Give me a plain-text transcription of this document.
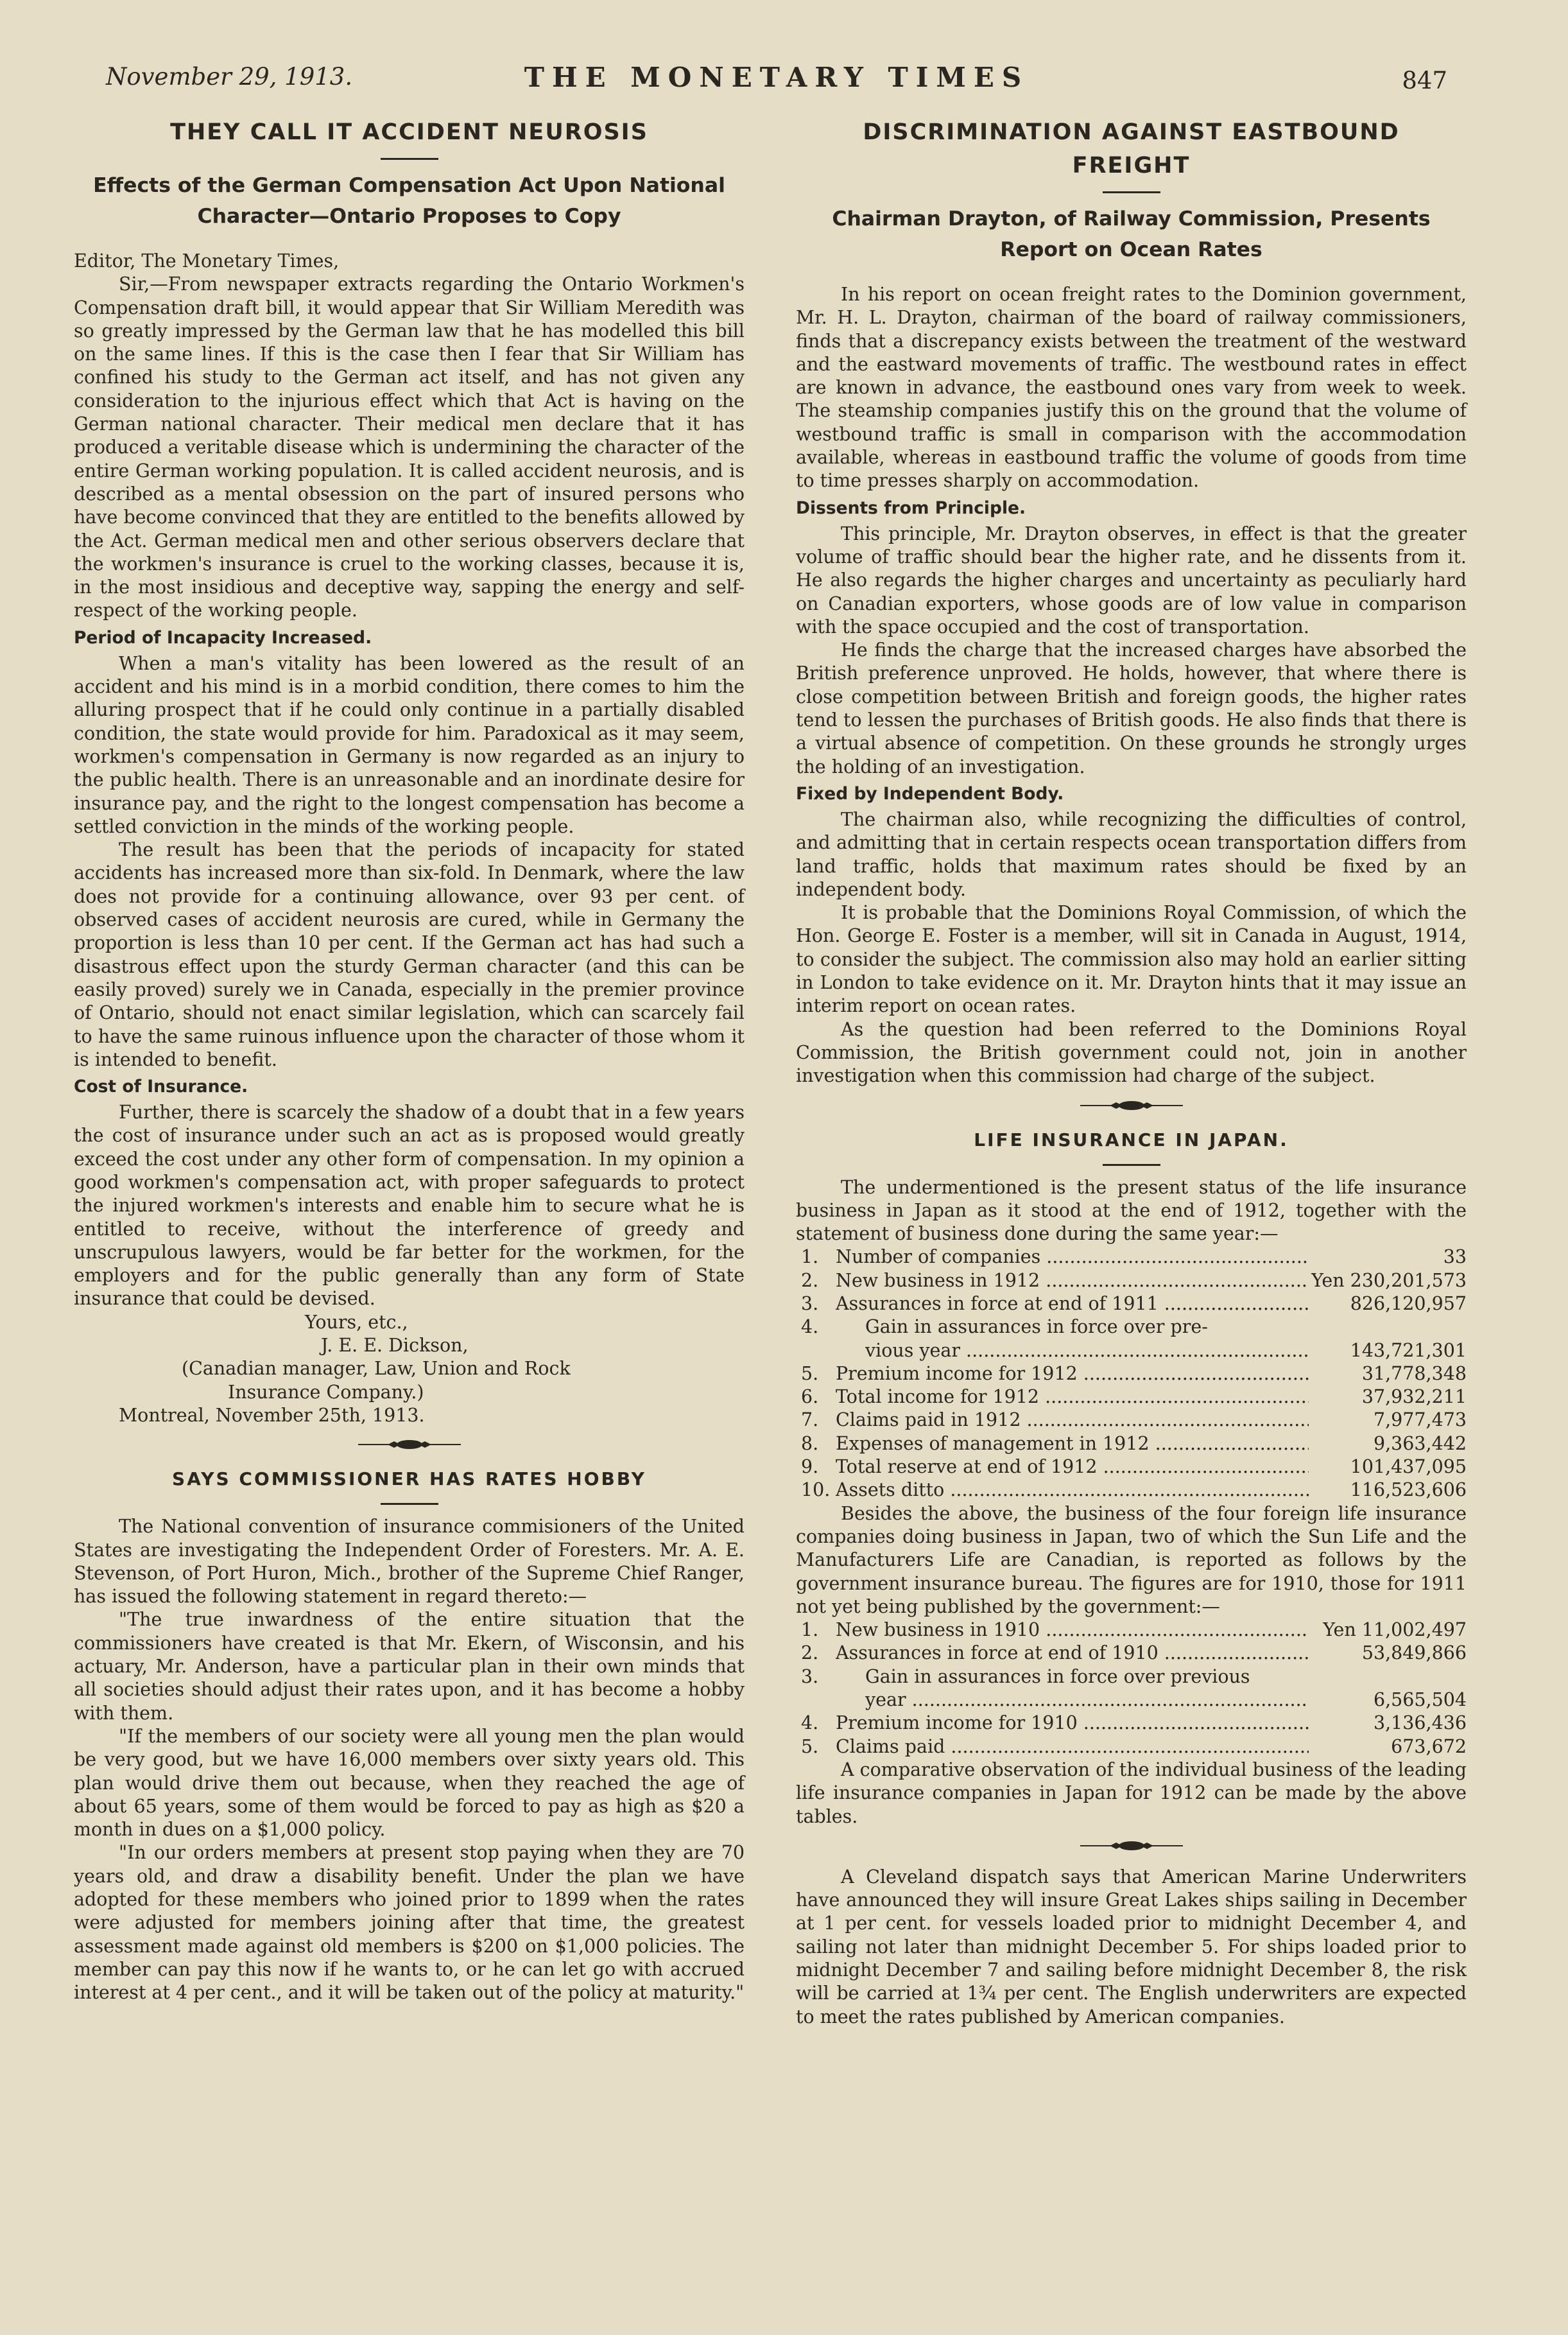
November 29, 1913.	THE MONETARY TIMES	847
THEY CALL IT ACCIDENT NEUROSIS

Effects of the German Compensation Act Upon National
Character—Ontario Proposes to Copy

Editor, The Monetary Times,

Sir,—From newspaper extracts regarding the Ontario Workmen's Compensation draft bill, it would appear that Sir William Meredith was so greatly impressed by the German law that he has modelled this bill on the same lines. If this is the case then I fear that Sir William has confined his study to the German act itself, and has not given any consideration to the injurious effect which that Act is having on the German national character. Their medical men declare that it has produced a veritable disease which is undermining the character of the entire German working population. It is called accident neurosis, and is described as a mental obsession on the part of insured persons who have become convinced that they are entitled to the benefits allowed by the Act. German medical men and other serious observers declare that the workmen's insurance is cruel to the working classes, because it is, in the most insidious and deceptive way, sapping the energy and self-respect of the working people.

Period of Incapacity Increased.

When a man's vitality has been lowered as the result of an accident and his mind is in a morbid condition, there comes to him the alluring prospect that if he could only continue in a partially disabled condition, the state would provide for him. Paradoxical as it may seem, workmen's compensation in Germany is now regarded as an injury to the public health. There is an unreasonable and an inordinate desire for insurance pay, and the right to the longest compensation has become a settled conviction in the minds of the working people.

The result has been that the periods of incapacity for stated accidents has increased more than six-fold. In Denmark, where the law does not provide for a continuing allowance, over 93 per cent. of observed cases of accident neurosis are cured, while in Germany the proportion is less than 10 per cent. If the German act has had such a disastrous effect upon the sturdy German character (and this can be easily proved) surely we in Canada, especially in the premier province of Ontario, should not enact similar legislation, which can scarcely fail to have the same ruinous influence upon the character of those whom it is intended to benefit.

Cost of Insurance.

Further, there is scarcely the shadow of a doubt that in a few years the cost of insurance under such an act as is proposed would greatly exceed the cost under any other form of compensation. In my opinion a good workmen's compensation act, with proper safeguards to protect the injured workmen's interests and enable him to secure what he is entitled to receive, without the interference of greedy and unscrupulous lawyers, would be far better for the workmen, for the employers and for the public generally than any form of State insurance that could be devised.

Yours, etc.,

J. E. E. Dickson,

(Canadian manager, Law, Union and Rock

Insurance Company.)

Montreal, November 25th, 1913.

SAYS COMMISSIONER HAS RATES HOBBY

The National convention of insurance commisioners of the United States are investigating the Independent Order of Foresters. Mr. A. E. Stevenson, of Port Huron, Mich., brother of the Supreme Chief Ranger, has issued the following statement in regard thereto:—

"The true inwardness of the entire situation that the commissioners have created is that Mr. Ekern, of Wisconsin, and his actuary, Mr. Anderson, have a particular plan in their own minds that all societies should adjust their rates upon, and it has become a hobby with them.

"If the members of our society were all young men the plan would be very good, but we have 16,000 members over sixty years old. This plan would drive them out because, when they reached the age of about 65 years, some of them would be forced to pay as high as $20 a month in dues on a $1,000 policy.

"In our orders members at present stop paying when they are 70 years old, and draw a disability benefit. Under the plan we have adopted for these members who joined prior to 1899 when the rates were adjusted for members joining after that time, the greatest assessment made against old members is $200 on $1,000 policies. The member can pay this now if he wants to, or he can let go with accrued interest at 4 per cent., and it will be taken out of the policy at maturity."

DISCRIMINATION AGAINST EASTBOUND
FREIGHT

Chairman Drayton, of Railway Commission, Presents
Report on Ocean Rates

In his report on ocean freight rates to the Dominion government, Mr. H. L. Drayton, chairman of the board of railway commissioners, finds that a discrepancy exists between the treatment of the westward and the eastward movements of traffic. The westbound rates in effect are known in advance, the eastbound ones vary from week to week. The steamship companies justify this on the ground that the volume of westbound traffic is small in comparison with the accommodation available, whereas in eastbound traffic the volume of goods from time to time presses sharply on accommodation.

Dissents from Principle.

This principle, Mr. Drayton observes, in effect is that the greater volume of traffic should bear the higher rate, and he dissents from it. He also regards the higher charges and uncertainty as peculiarly hard on Canadian exporters, whose goods are of low value in comparison with the space occupied and the cost of transportation.

He finds the charge that the increased charges have absorbed the British preference unproved. He holds, however, that where there is close competition between British and foreign goods, the higher rates tend to lessen the purchases of British goods. He also finds that there is a virtual absence of competition. On these grounds he strongly urges the holding of an investigation.

Fixed by Independent Body.

The chairman also, while recognizing the difficulties of control, and admitting that in certain respects ocean transportation differs from land traffic, holds that maximum rates should be fixed by an independent body.

It is probable that the Dominions Royal Commission, of which the Hon. George E. Foster is a member, will sit in Canada in August, 1914, to consider the subject. The commission also may hold an earlier sitting in London to take evidence on it. Mr. Drayton hints that it may issue an interim report on ocean rates.

As the question had been referred to the Dominions Royal Commission, the British government could not, join in another investigation when this commission had charge of the subject.

LIFE INSURANCE IN JAPAN.

The undermentioned is the present status of the life insurance business in Japan as it stood at the end of 1912, together with the statement of business done during the same year:—

1. Number of companies .....	33
2. New business in 1912 .....	Yen 230,201,573
3. Assurances in force at end of 1911 .....	826,120,957
4.	Gain in assurances in force over pre-
vious year .....	143,721,301
5. Premium income for 1912 .....	31,778,348
6. Total income for 1912 .....	37,932,211
7. Claims paid in 1912 .....	7,977,473
8. Expenses of management in 1912 .....	9,363,442
9. Total reserve at end of 1912 .....	101,437,095
10. Assets ditto .....	116,523,606

Besides the above, the business of the four foreign life insurance companies doing business in Japan, two of which the Sun Life and the Manufacturers Life are Canadian, is reported as follows by the government insurance bureau. The figures are for 1910, those for 1911 not yet being published by the government:—

1. New business in 1910 .....	Yen 11,002,497
2. Assurances in force at end of 1910 .....	53,849,866
3.	Gain in assurances in force over previous
year .....	6,565,504
4. Premium income for 1910 .....	3,136,436
5. Claims paid .....	673,672

A comparative observation of the individual business of the leading life insurance companies in Japan for 1912 can be made by the above tables.

A Cleveland dispatch says that American Marine Underwriters have announced they will insure Great Lakes ships sailing in December at 1 per cent. for vessels loaded prior to midnight December 4, and sailing not later than midnight December 5. For ships loaded prior to midnight December 7 and sailing before midnight December 8, the risk will be carried at 1¾ per cent. The English underwriters are expected to meet the rates published by American companies.
